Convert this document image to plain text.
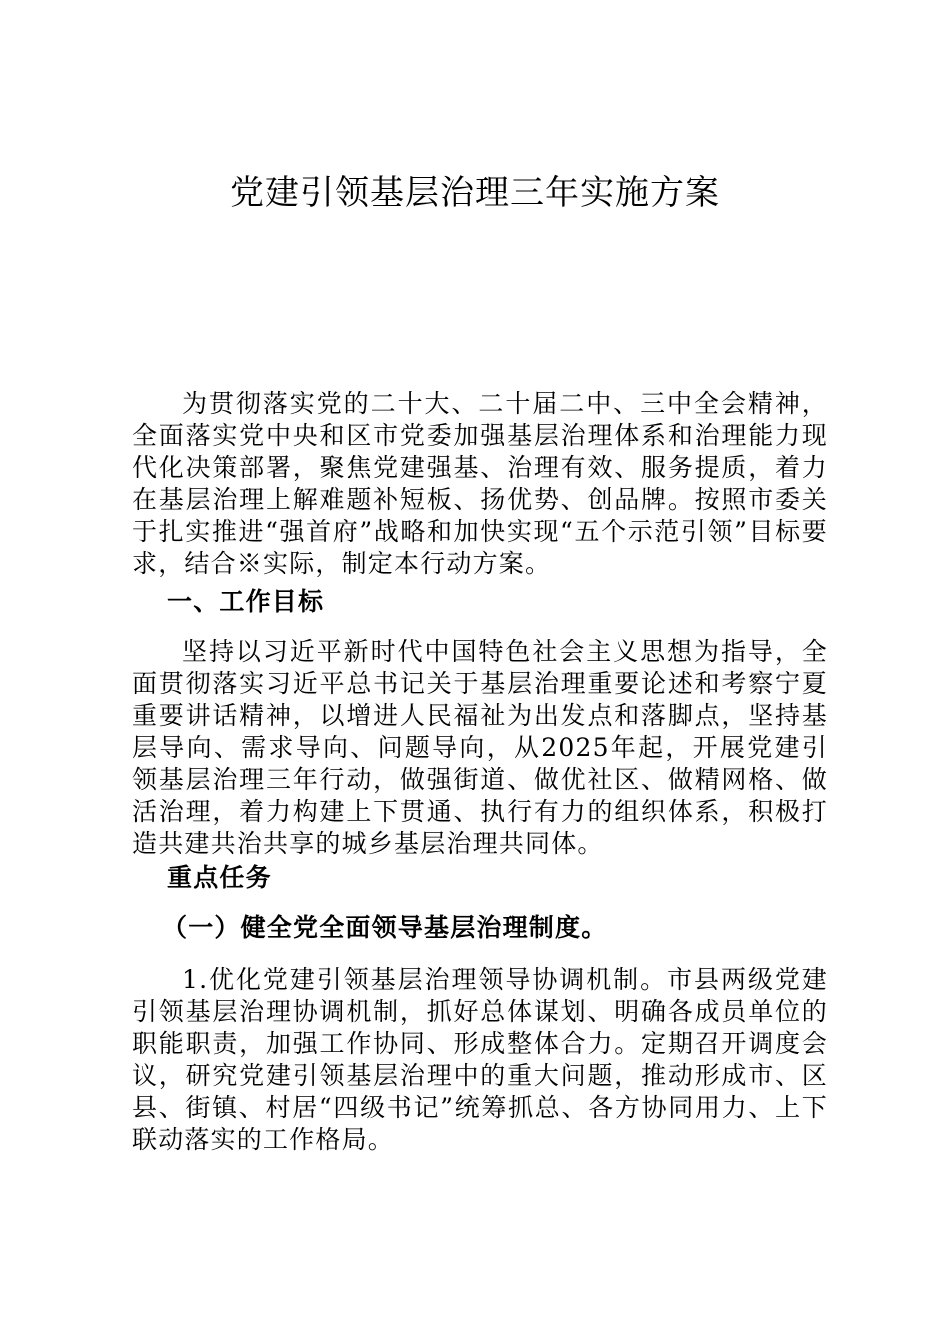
党建引领基层治理三年实施方案

为贯彻落实党的二十大、二十届二中、三中全会精神，全面落实党中央和区市党委加强基层治理体系和治理能力现代化决策部署，聚焦党建强基、治理有效、服务提质，着力在基层治理上解难题补短板、扬优势、创品牌。按照市委关于扎实推进“强首府”战略和加快实现“五个示范引领”目标要求，结合※实际，制定本行动方案。

一、工作目标

坚持以习近平新时代中国特色社会主义思想为指导，全面贯彻落实习近平总书记关于基层治理重要论述和考察宁夏重要讲话精神，以增进人民福祉为出发点和落脚点，坚持基层导向、需求导向、问题导向，从2025年起，开展党建引领基层治理三年行动，做强街道、做优社区、做精网格、做活治理，着力构建上下贯通、执行有力的组织体系，积极打造共建共治共享的城乡基层治理共同体。

重点任务
（一）健全党全面领导基层治理制度。

1.优化党建引领基层治理领导协调机制。市县两级党建引领基层治理协调机制，抓好总体谋划、明确各成员单位的职能职责，加强工作协同、形成整体合力。定期召开调度会议，研究党建引领基层治理中的重大问题，推动形成市、区县、街镇、村居“四级书记”统筹抓总、各方协同用力、上下联动落实的工作格局。
